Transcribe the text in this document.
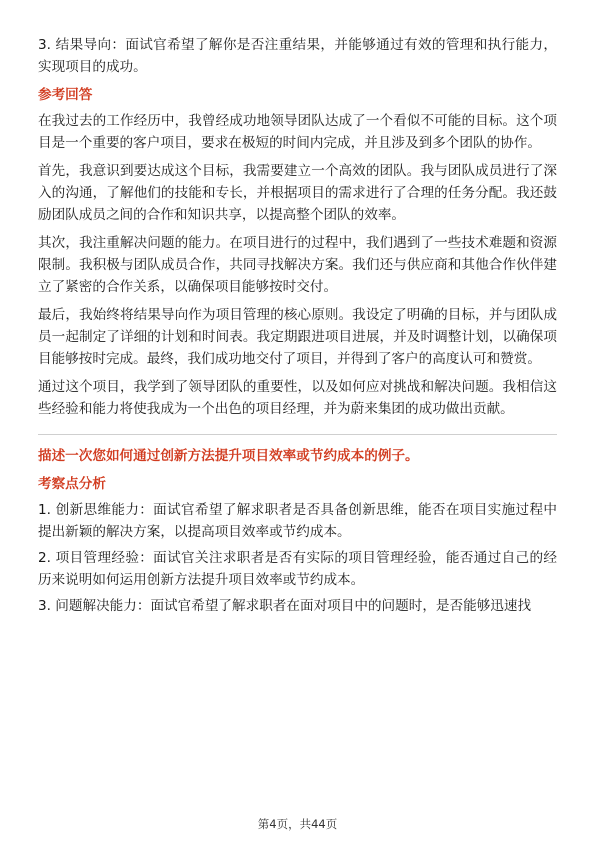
3. 结果导向：面试官希望了解你是否注重结果，并能够通过有效的管理和执行能力，实现项目的成功。

参考回答

在我过去的工作经历中，我曾经成功地领导团队达成了一个看似不可能的目标。这个项目是一个重要的客户项目，要求在极短的时间内完成，并且涉及到多个团队的协作。

首先，我意识到要达成这个目标，我需要建立一个高效的团队。我与团队成员进行了深入的沟通，了解他们的技能和专长，并根据项目的需求进行了合理的任务分配。我还鼓励团队成员之间的合作和知识共享，以提高整个团队的效率。

其次，我注重解决问题的能力。在项目进行的过程中，我们遇到了一些技术难题和资源限制。我积极与团队成员合作，共同寻找解决方案。我们还与供应商和其他合作伙伴建立了紧密的合作关系，以确保项目能够按时交付。

最后，我始终将结果导向作为项目管理的核心原则。我设定了明确的目标，并与团队成员一起制定了详细的计划和时间表。我定期跟进项目进展，并及时调整计划，以确保项目能够按时完成。最终，我们成功地交付了项目，并得到了客户的高度认可和赞赏。

通过这个项目，我学到了领导团队的重要性，以及如何应对挑战和解决问题。我相信这些经验和能力将使我成为一个出色的项目经理，并为蔚来集团的成功做出贡献。

描述一次您如何通过创新方法提升项目效率或节约成本的例子。
考察点分析

1. 创新思维能力：面试官希望了解求职者是否具备创新思维，能否在项目实施过程中提出新颖的解决方案，以提高项目效率或节约成本。

2. 项目管理经验：面试官关注求职者是否有实际的项目管理经验，能否通过自己的经历来说明如何运用创新方法提升项目效率或节约成本。

3. 问题解决能力：面试官希望了解求职者在面对项目中的问题时，是否能够迅速找

第4页，共44页
